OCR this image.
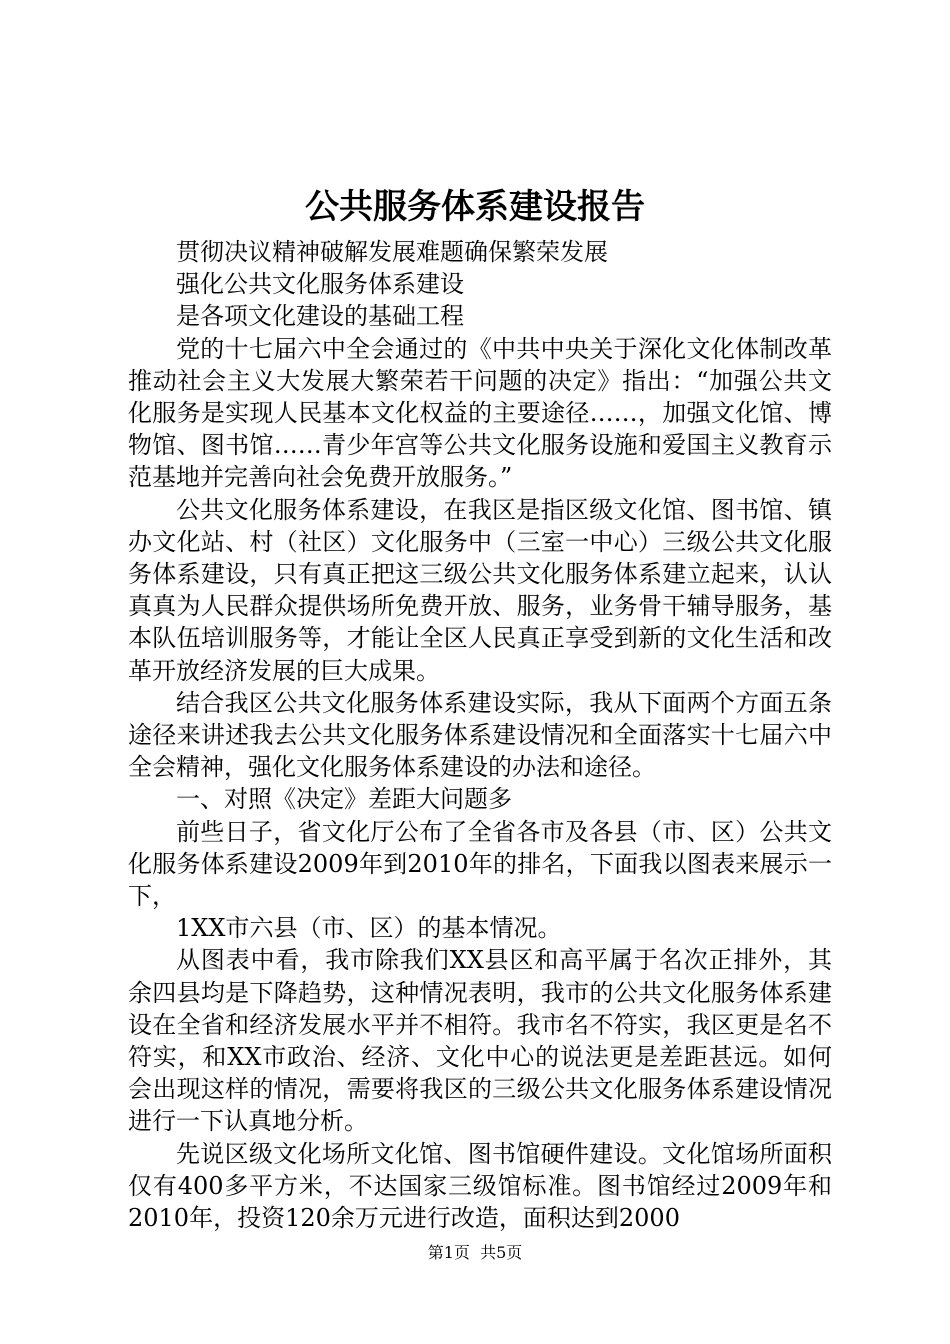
公共服务体系建设报告

贯彻决议精神破解发展难题确保繁荣发展

强化公共文化服务体系建设

是各项文化建设的基础工程

党的十七届六中全会通过的《中共中央关于深化文化体制改革推动社会主义大发展大繁荣若干问题的决定》指出：“加强公共文化服务是实现人民基本文化权益的主要途径……，加强文化馆、博物馆、图书馆……青少年宫等公共文化服务设施和爱国主义教育示范基地并完善向社会免费开放服务。”

公共文化服务体系建设，在我区是指区级文化馆、图书馆、镇办文化站、村（社区）文化服务中（三室一中心）三级公共文化服务体系建设，只有真正把这三级公共文化服务体系建立起来，认认真真为人民群众提供场所免费开放、服务，业务骨干辅导服务，基本队伍培训服务等，才能让全区人民真正享受到新的文化生活和改革开放经济发展的巨大成果。

结合我区公共文化服务体系建设实际，我从下面两个方面五条途径来讲述我去公共文化服务体系建设情况和全面落实十七届六中全会精神，强化文化服务体系建设的办法和途径。

一、对照《决定》差距大问题多

前些日子，省文化厅公布了全省各市及各县（市、区）公共文化服务体系建设2009年到2010年的排名，下面我以图表来展示一下，

1XX市六县（市、区）的基本情况。

从图表中看，我市除我们XX县区和高平属于名次正排外，其余四县均是下降趋势，这种情况表明，我市的公共文化服务体系建设在全省和经济发展水平并不相符。我市名不符实，我区更是名不符实，和XX市政治、经济、文化中心的说法更是差距甚远。如何会出现这样的情况，需要将我区的三级公共文化服务体系建设情况进行一下认真地分析。

先说区级文化场所文化馆、图书馆硬件建设。文化馆场所面积仅有400多平方米，不达国家三级馆标准。图书馆经过2009年和2010年，投资120余万元进行改造，面积达到2000

第1页 共5页
